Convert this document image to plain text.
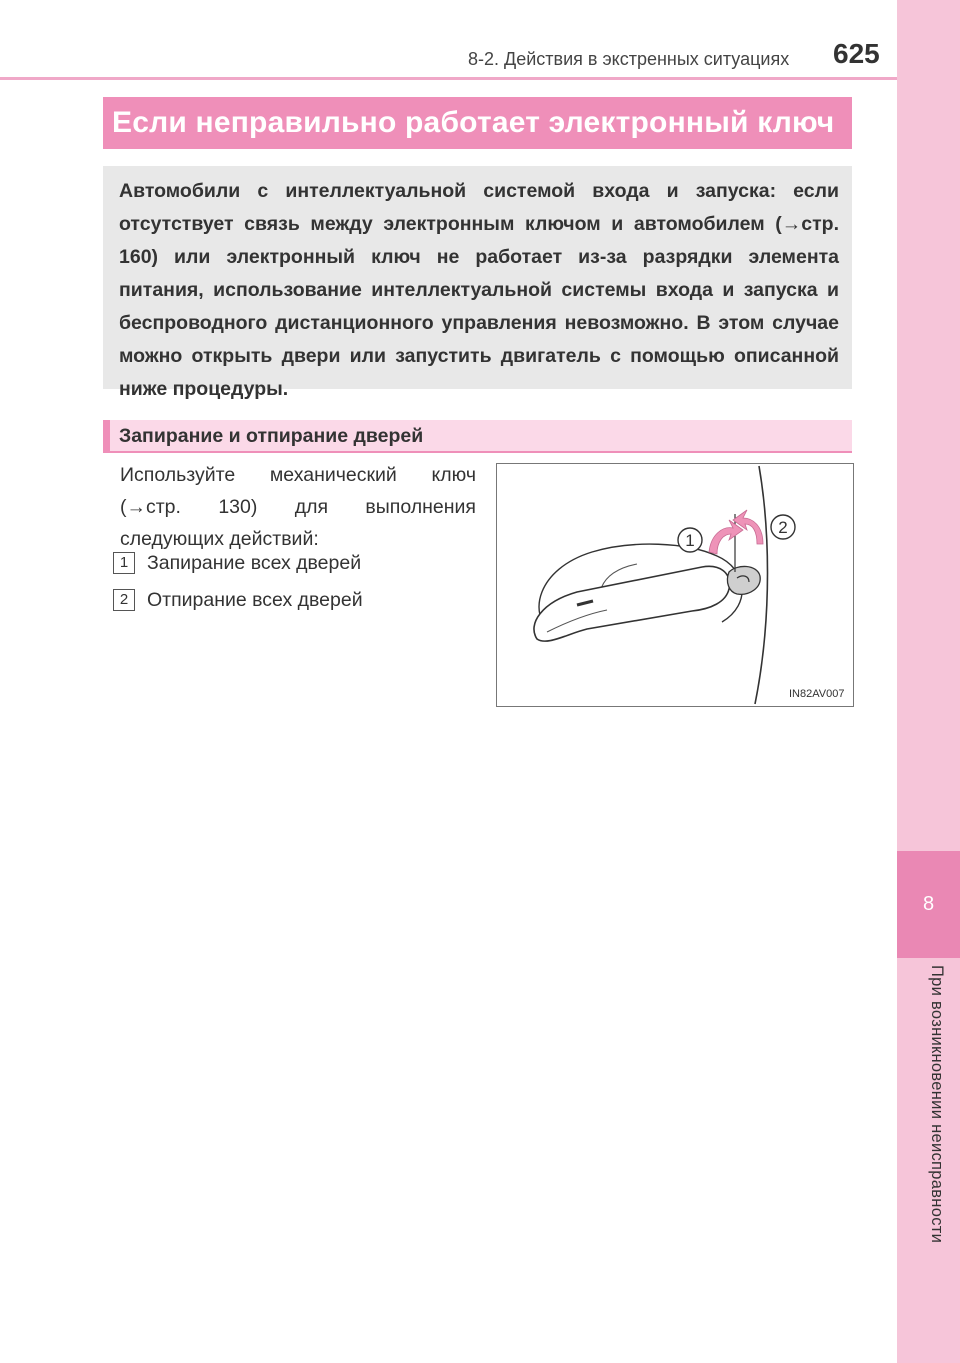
8
При возникновении неисправности
8-2. Действия в экстренных ситуациях 625
Если неправильно работает электронный ключ
Автомобили с интеллектуальной системой входа и запуска: если отсутствует связь между электронным ключом и автомобилем (→стр. 160) или электронный ключ не работает из-за разрядки элемента питания, использование интеллектуальной системы входа и запуска и беспроводного дистанционного управления невозможно. В этом случае можно открыть двери или запустить двигатель с помощью описанной ниже процедуры.
Запирание и отпирание дверей
Используйте механический ключ (→стр. 130) для выполнения следующих действий:
1 Запирание всех дверей
2 Отпирание всех дверей
1
2
IN82AV007
